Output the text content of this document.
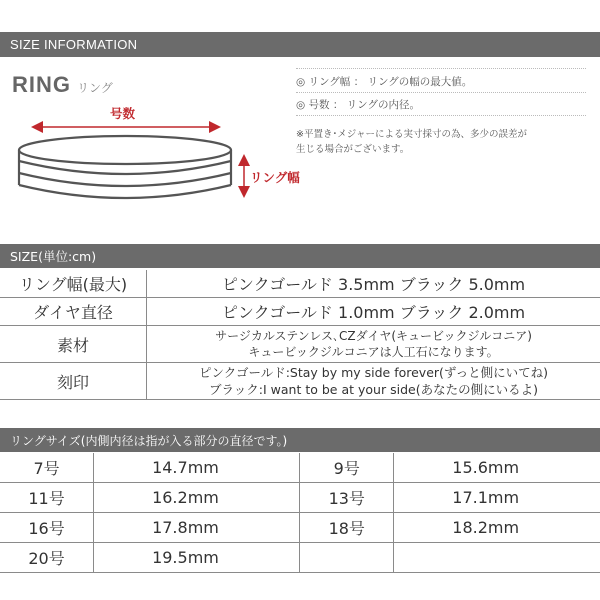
SIZE INFORMATION
RING リング
号数
リング幅
◎ リング幅 ： リングの幅の最大値。
◎ 号数 ： リングの内径。
※平置き･メジャーによる実寸採寸の為、多少の誤差が
生じる場合がございます。
SIZE(単位:cm)
リング幅(最大)	ピンクゴールド 3.5mm ブラック 5.0mm
ダイヤ直径	ピンクゴールド 1.0mm ブラック 2.0mm
素材	サージカルステンレス､CZダイヤ(キュービックジルコニア)
キュービックジルコニアは人工石になります。

刻印	ピンクゴールド:Stay by my side forever(ずっと側にいてね)
ブラック:I want to be at your side(あなたの側にいるよ)
リングサイズ(内側内径は指が入る部分の直径です。)
7号	14.7mm	9号	15.6mm
11号	16.2mm	13号	17.1mm
16号	17.8mm	18号	18.2mm
20号	19.5mm		
